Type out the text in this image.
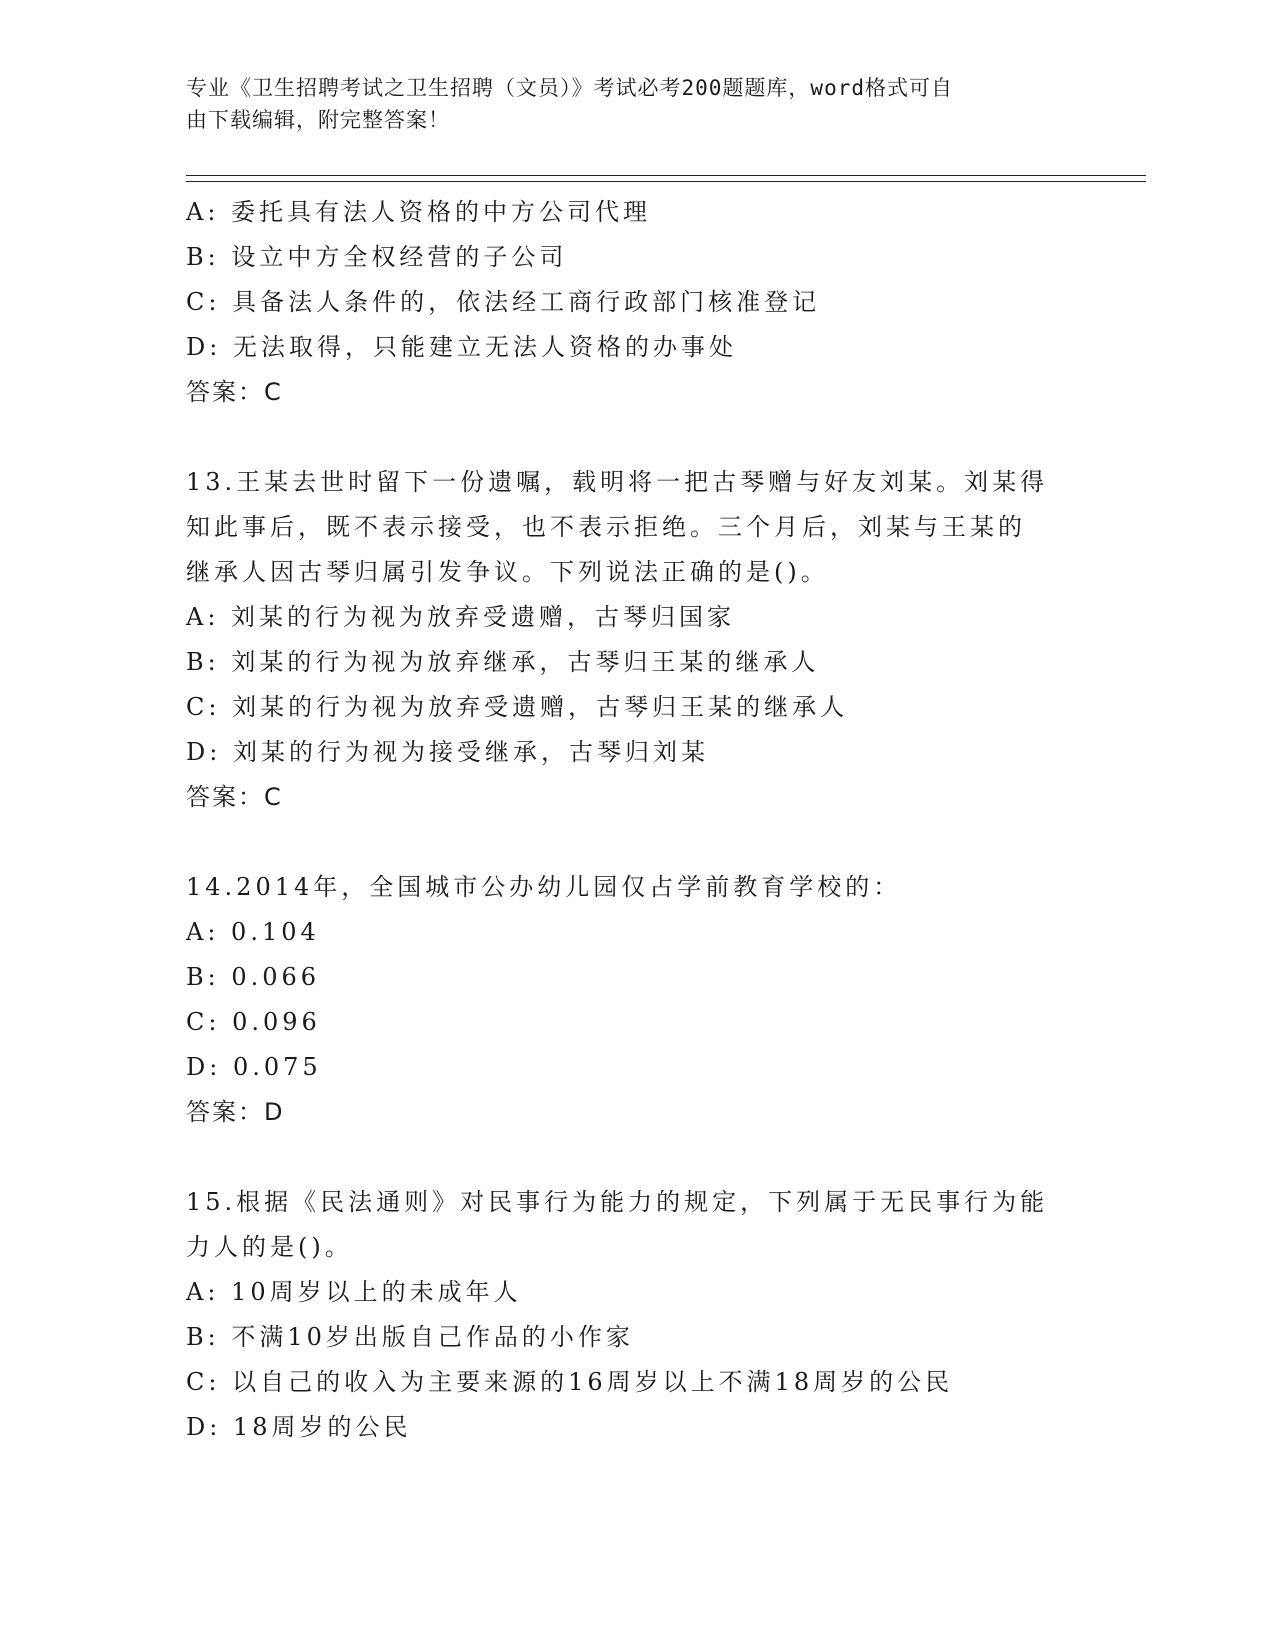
专业《卫生招聘考试之卫生招聘（文员）》考试必考200题题库，word格式可自
由下载编辑，附完整答案！
A: 委托具有法人资格的中方公司代理
B: 设立中方全权经营的子公司
C: 具备法人条件的，依法经工商行政部门核准登记
D: 无法取得，只能建立无法人资格的办事处
答案：C
13.王某去世时留下一份遗嘱，载明将一把古琴赠与好友刘某。刘某得
知此事后，既不表示接受，也不表示拒绝。三个月后，刘某与王某的
继承人因古琴归属引发争议。下列说法正确的是()。
A: 刘某的行为视为放弃受遗赠，古琴归国家
B: 刘某的行为视为放弃继承，古琴归王某的继承人
C: 刘某的行为视为放弃受遗赠，古琴归王某的继承人
D: 刘某的行为视为接受继承，古琴归刘某
答案：C
14.2014年，全国城市公办幼儿园仅占学前教育学校的：
A: 0.104
B: 0.066
C: 0.096
D: 0.075
答案：D
15.根据《民法通则》对民事行为能力的规定，下列属于无民事行为能
力人的是()。
A: 10周岁以上的未成年人
B: 不满10岁出版自己作品的小作家
C: 以自己的收入为主要来源的16周岁以上不满18周岁的公民
D: 18周岁的公民
